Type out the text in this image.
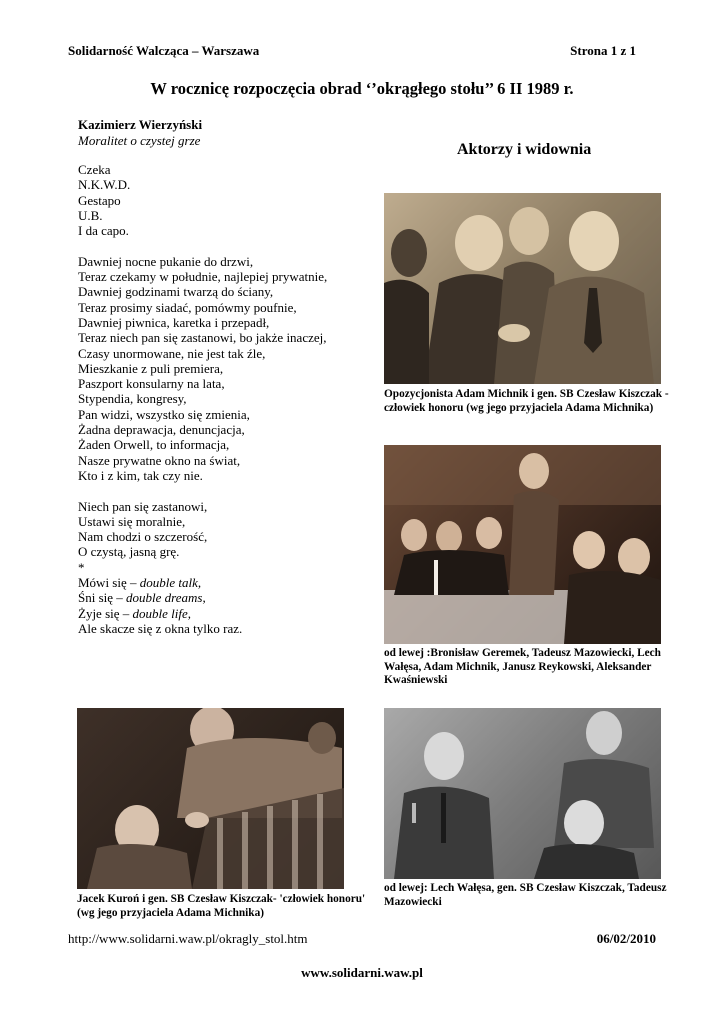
Solidarność Walcząca – Warszawa	Strona 1 z 1
W rocznicę rozpoczęcia obrad ‘’okrągłego stołu’’ 6 II 1989 r.
Kazimierz Wierzyński
Moralitet o czystej grze
Czeka
N.K.W.D.
Gestapo
U.B.
I da capo.
Dawniej nocne pukanie do drzwi,
Teraz czekamy w południe, najlepiej prywatnie,
Dawniej godzinami twarzą do ściany,
Teraz prosimy siadać, pomówmy poufnie,
Dawniej piwnica, karetka i przepadł,
Teraz niech pan się zastanowi, bo jakże inaczej,
Czasy unormowane, nie jest tak źle,
Mieszkanie z puli premiera,
Paszport konsularny na lata,
Stypendia, kongresy,
Pan widzi, wszystko się zmienia,
Żadna deprawacja, denuncjacja,
Żaden Orwell, to informacja,
Nasze prywatne okno na świat,
Kto i z kim, tak czy nie.
Niech pan się zastanowi,
Ustawi się moralnie,
Nam chodzi o szczerość,
O czystą, jasną grę.
*
Mówi się – double talk,
Śni się – double dreams,
Żyje się – double life,
Ale skacze się z okna tylko raz.
Aktorzy i widownia
Opozycjonista Adam Michnik i gen. SB Czesław Kiszczak - człowiek honoru (wg jego przyjaciela Adama Michnika)
od lewej :Bronisław Geremek, Tadeusz Mazowiecki, Lech Wałęsa, Adam Michnik, Janusz Reykowski, Aleksander Kwaśniewski
Jacek Kuroń i gen. SB Czesław Kiszczak- 'człowiek honoru' (wg jego przyjaciela Adama Michnika)
od lewej: Lech Wałęsa, gen. SB Czesław Kiszczak, Tadeusz Mazowiecki
http://www.solidarni.waw.pl/okragly_stol.htm	06/02/2010
www.solidarni.waw.pl
